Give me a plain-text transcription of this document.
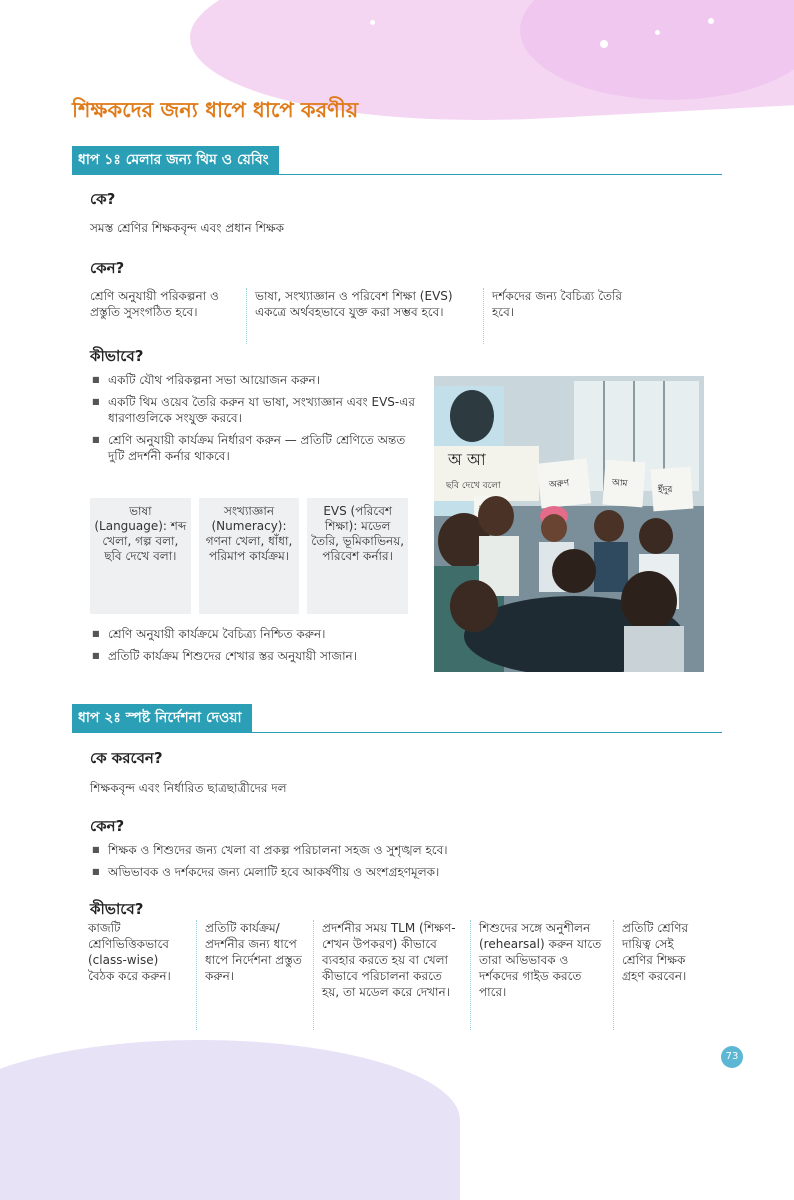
শিক্ষকদের জন্য ধাপে ধাপে করণীয়
ধাপ ১ঃ মেলার জন্য থিম ও য়েবিং
কে?
সমস্ত শ্রেণির শিক্ষকবৃন্দ এবং প্রধান শিক্ষক
কেন?
শ্রেণি অনুযায়ী পরিকল্পনা ও প্রস্তুতি সুসংগঠিত হবে।
ভাষা, সংখ্যাজ্ঞান ও পরিবেশ শিক্ষা (EVS) একত্রে অর্থবহভাবে যুক্ত করা সম্ভব হবে।
দর্শকদের জন্য বৈচিত্র্য তৈরি হবে।
কীভাবে?
■ একটি যৌথ পরিকল্পনা সভা আয়োজন করুন।
■ একটি থিম ওয়েব তৈরি করুন যা ভাষা, সংখ্যাজ্ঞান এবং EVS-এর ধারণাগুলিকে সংযুক্ত করবে।
■ শ্রেণি অনুযায়ী কার্যক্রম নির্ধারণ করুন — প্রতিটি শ্রেণিতে অন্তত দুটি প্রদর্শনী কর্নার থাকবে।
ভাষা (Language): শব্দ খেলা, গল্প বলা, ছবি দেখে বলা।
সংখ্যাজ্ঞান (Numeracy): গণনা খেলা, ধাঁধা, পরিমাপ কার্যক্রম।
EVS (পরিবেশ শিক্ষা): মডেল তৈরি, ভূমিকাভিনয়, পরিবেশ কর্নার।
■ শ্রেণি অনুযায়ী কার্যক্রমে বৈচিত্র্য নিশ্চিত করুন।
■ প্রতিটি কার্যক্রম শিশুদের শেখার স্তর অনুযায়ী সাজান।
অ আ
ছবি দেখে বলো	অরুণ	আম
ইঁদুর
ধাপ ২ঃ স্পষ্ট নির্দেশনা দেওয়া
কে করবেন?
শিক্ষকবৃন্দ এবং নির্ধারিত ছাত্রছাত্রীদের দল
কেন?
■ শিক্ষক ও শিশুদের জন্য খেলা বা প্রকল্প পরিচালনা সহজ ও সুশৃঙ্খল হবে।
■ অভিভাবক ও দর্শকদের জন্য মেলাটি হবে আকর্ষণীয় ও অংশগ্রহণমূলক।
কীভাবে?
কাজটি শ্রেণিভিত্তিকভাবে (class-wise) বৈঠক করে করুন।
প্রতিটি কার্যক্রম/ প্রদর্শনীর জন্য ধাপে ধাপে নির্দেশনা প্রস্তুত করুন।
প্রদর্শনীর সময় TLM (শিক্ষণ-শেখন উপকরণ) কীভাবে ব্যবহার করতে হয় বা খেলা কীভাবে পরিচালনা করতে হয়, তা মডেল করে দেখান।
শিশুদের সঙ্গে অনুশীলন (rehearsal) করুন যাতে তারা অভিভাবক ও দর্শকদের গাইড করতে পারে।
প্রতিটি শ্রেণির দায়িত্ব সেই শ্রেণির শিক্ষক গ্রহণ করবেন।
73
